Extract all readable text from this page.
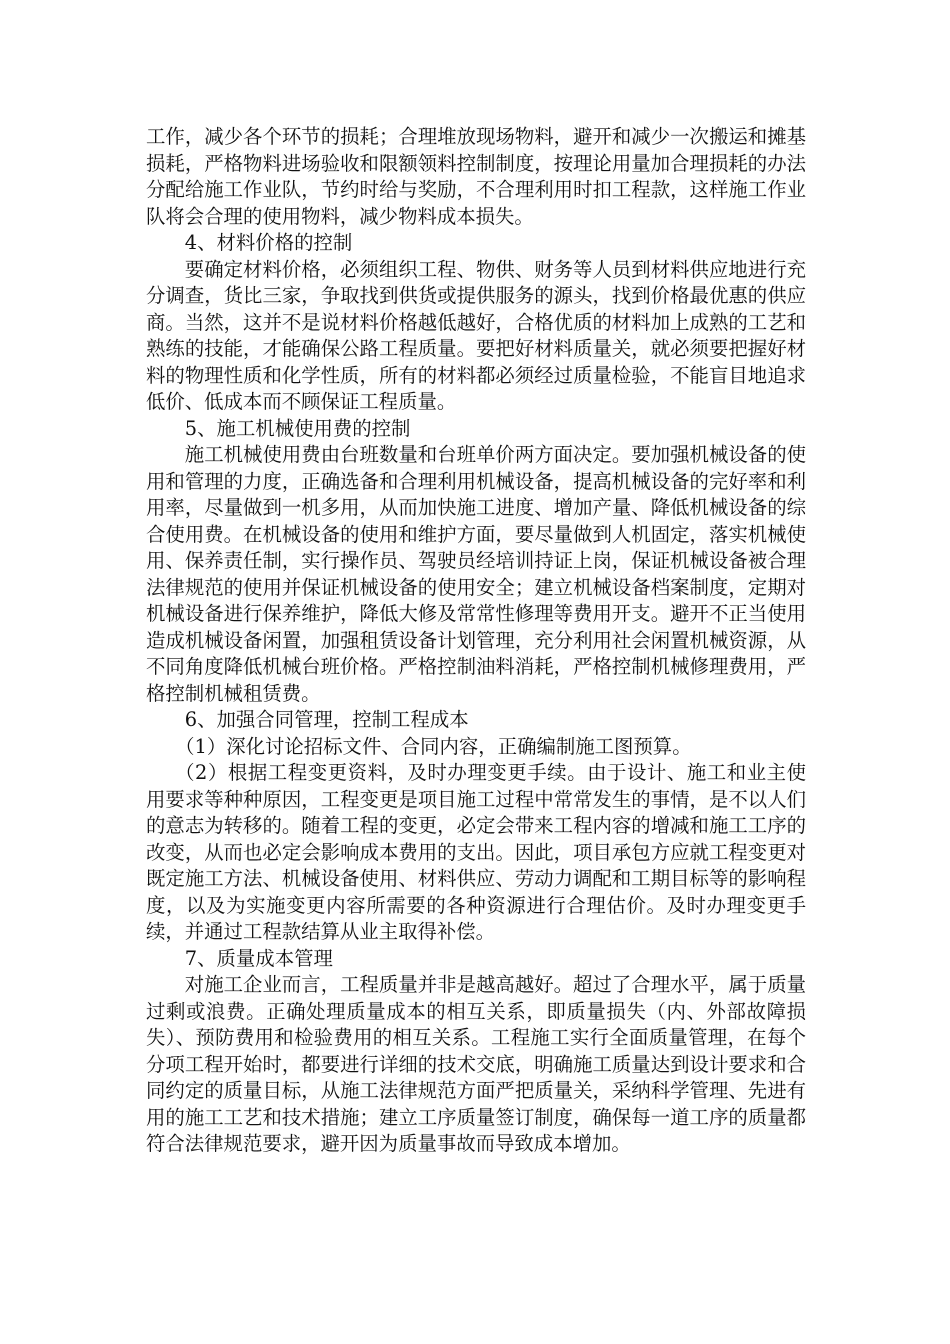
工作，减少各个环节的损耗；合理堆放现场物料，避开和减少一次搬运和摊基损耗，严格物料进场验收和限额领料控制制度，按理论用量加合理损耗的办法分配给施工作业队，节约时给与奖励，不合理利用时扣工程款，这样施工作业队将会合理的使用物料，减少物料成本损失。

4、材料价格的控制

要确定材料价格，必须组织工程、物供、财务等人员到材料供应地进行充分调查，货比三家，争取找到供货或提供服务的源头，找到价格最优惠的供应商。当然，这并不是说材料价格越低越好，合格优质的材料加上成熟的工艺和熟练的技能，才能确保公路工程质量。要把好材料质量关，就必须要把握好材料的物理性质和化学性质，所有的材料都必须经过质量检验，不能盲目地追求低价、低成本而不顾保证工程质量。

5、施工机械使用费的控制

施工机械使用费由台班数量和台班单价两方面决定。要加强机械设备的使用和管理的力度，正确选备和合理利用机械设备，提高机械设备的完好率和利用率，尽量做到一机多用，从而加快施工进度、增加产量、降低机械设备的综合使用费。在机械设备的使用和维护方面，要尽量做到人机固定，落实机械使用、保养责任制，实行操作员、驾驶员经培训持证上岗，保证机械设备被合理法律规范的使用并保证机械设备的使用安全；建立机械设备档案制度，定期对机械设备进行保养维护，降低大修及常常性修理等费用开支。避开不正当使用造成机械设备闲置，加强租赁设备计划管理，充分利用社会闲置机械资源，从不同角度降低机械台班价格。严格控制油料消耗，严格控制机械修理费用，严格控制机械租赁费。

6、加强合同管理，控制工程成本

（1）深化讨论招标文件、合同内容，正确编制施工图预算。

（2）根据工程变更资料，及时办理变更手续。由于设计、施工和业主使用要求等种种原因，工程变更是项目施工过程中常常发生的事情，是不以人们的意志为转移的。随着工程的变更，必定会带来工程内容的增减和施工工序的改变，从而也必定会影响成本费用的支出。因此，项目承包方应就工程变更对既定施工方法、机械设备使用、材料供应、劳动力调配和工期目标等的影响程度，以及为实施变更内容所需要的各种资源进行合理估价。及时办理变更手续，并通过工程款结算从业主取得补偿。

7、质量成本管理

对施工企业而言，工程质量并非是越高越好。超过了合理水平，属于质量过剩或浪费。正确处理质量成本的相互关系，即质量损失（内、外部故障损失）、预防费用和检验费用的相互关系。工程施工实行全面质量管理，在每个分项工程开始时，都要进行详细的技术交底，明确施工质量达到设计要求和合同约定的质量目标，从施工法律规范方面严把质量关，采纳科学管理、先进有用的施工工艺和技术措施；建立工序质量签订制度，确保每一道工序的质量都符合法律规范要求，避开因为质量事故而导致成本增加。
